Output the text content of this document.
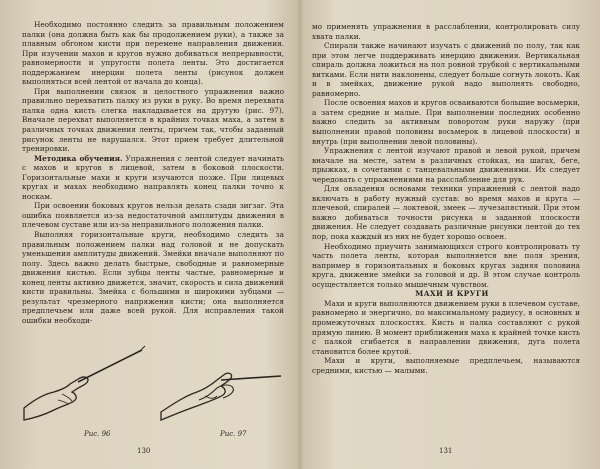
Необходимо постоянно следить за правильным положением палки (она должна быть как бы продолжением руки), а также за плавным обгоном кисти при перемене направления движения. При изучении махов и кругов нужно добиваться непрерывности, равномерности и упругости полета ленты. Это достигается поддержанием инерции полета ленты (рисунок должен выполняться всей лентой от начала до конца).

При выполнении связок и целостного упражнения важно правильно перехватить палку из руки в руку. Во время перехвата палка одна кисть слегка накладывается на другую (рис. 97). Вначале перехват выполняется в крайних точках маха, а затем в различных точках движения ленты, причем так, чтобы заданный рисунок ленты не нарушался. Этот прием требует длительной тренировки.

Методика обучения. Упражнения с лентой следует начинать с махов и кругов в лицевой, затем в боковой плоскости. Горизонтальные махи и круги изучаются позже. При лицевых кругах и махах необходимо направлять конец палки точно к носкам.

При освоении боковых кругов нельзя делать сзади зигзаг. Эта ошибка появляется из-за недостаточной амплитуды движения в плечевом суставе или из-за неправильного положения палки.

Выполняя горизонтальные круги, необходимо следить за правильным положением палки над головой и не допускать уменьшения амплитуды движений. Змейки вначале выполняют по полу. Здесь важно делать быстрые, свободные и равномерные движения кистью. Если зубцы ленты частые, равномерные и конец ленты активно движется, значит, скорость и сила движений кисти правильны. Змейка с большими и широкими зубцами — результат чрезмерного напряжения кисти; она выполняется предплечьем или даже всей рукой. Для исправления такой ошибки необходи-

Рис. 96	Рис. 97
130

мо применять упражнения в расслаблении, контролировать силу хвата палки.

Спирали также начинают изучать с движений по полу, так как при этом легче поддерживать инерцию движения. Вертикальная спираль должна ложиться на пол ровной трубкой с вертикальными витками. Если нити наклонены, следует больше согнуть локоть. Как и в змейках, движение рукой надо выполнять свободно, равномерно.

После освоения махов и кругов осваиваются большие восьмерки, а затем средние и малые. При выполнении последних особенно важно следить за активным поворотом руки наружу (при выполнении правой половины восьмерок в лицевой плоскости) и внутрь (при выполнении левой половины).

Упражнения с лентой изучают правой и левой рукой, причем вначале на месте, затем в различных стойках, на шагах, беге, прыжках, в сочетании с танцевальными движениями. Их следует чередовать с упражнениями на расслабление для рук.

Для овладения основами техники упражнений с лентой надо включать в работу нужный сустав: во время махов и круга — плечевой, спиралей — локтевой, змеек — лучезапястный. При этом важно добиваться точности рисунка и заданной плоскости движения. Не следует создавать различные рисунки лентой до тех пор, пока каждый из них не будет хорошо освоен.

Необходимо приучить занимающихся строго контролировать ту часть полета ленты, которая выполняется вне поля зрения, например в горизонтальных и боковых кругах задняя половина круга, движение змейки за головой и др. В этом случае контроль осуществляется только мышечным чувством.

МАХИ И КРУГИ

Махи и круги выполняются движением руки в плечевом суставе, равномерно и энергично, по максимальному радиусу, в основных и промежуточных плоскостях. Кисть и палка составляют с рукой прямую линию. В момент приближения маха к крайней точке кисть с палкой сгибается в направлении движения, дуга полета становится более крутой.

Махи и круги, выполняемые предплечьем, называются средними, кистью — малыми.

131
